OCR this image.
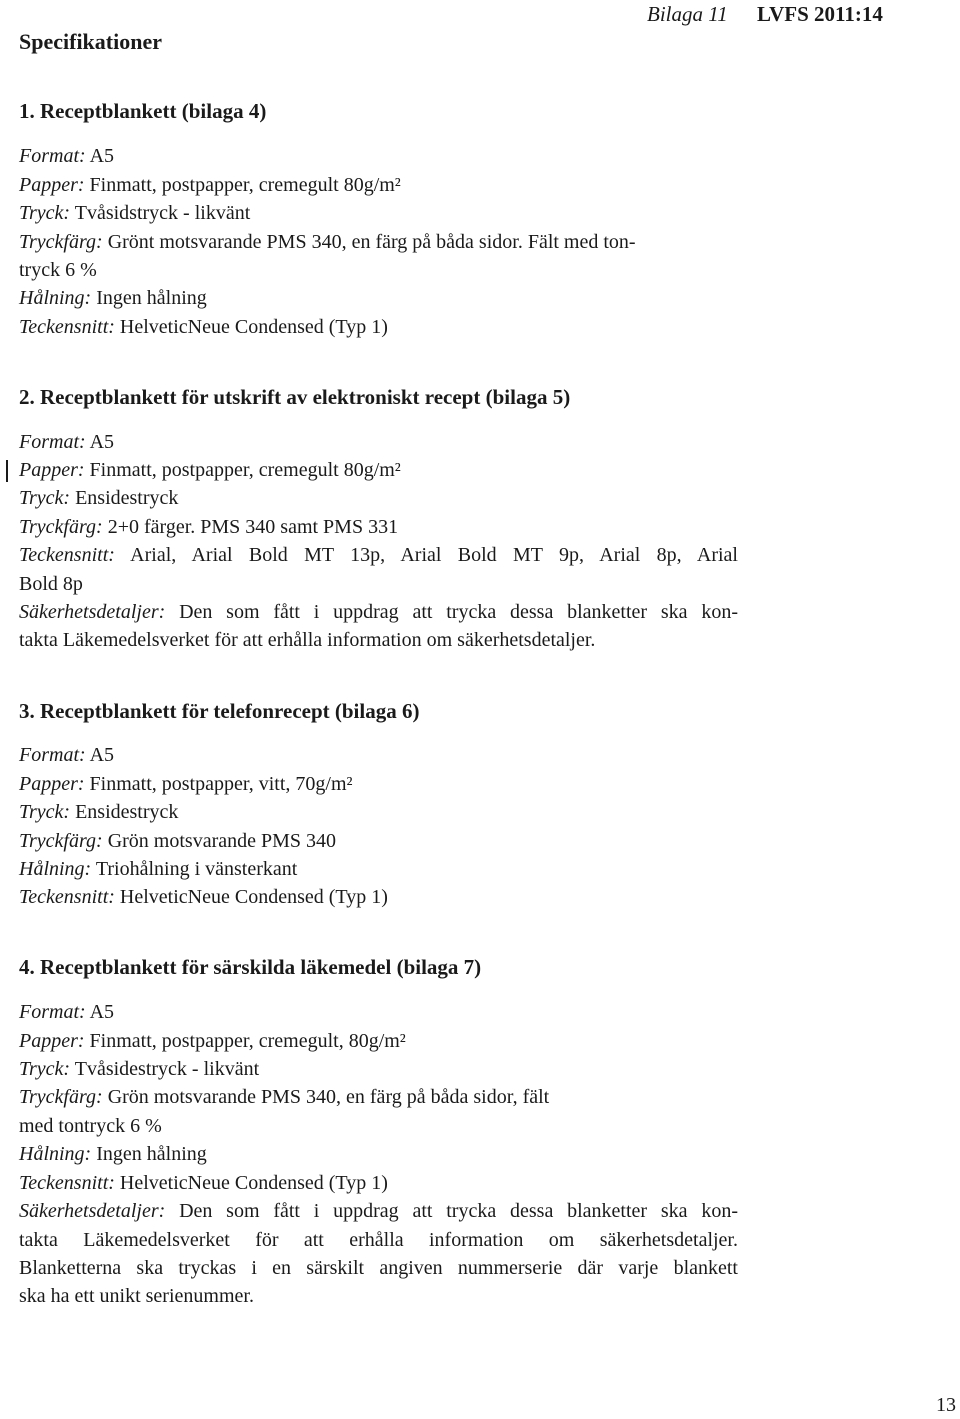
Bilaga 11 LVFS 2011:14
Specifikationer
1. Receptblankett (bilaga 4)
2. Receptblankett för utskrift av elektroniskt recept (bilaga 5)
3. Receptblankett för telefonrecept (bilaga 6)
4. Receptblankett för särskilda läkemedel (bilaga 7)
Format: A5
Papper: Finmatt, postpapper, cremegult 80g/m²
Tryck: Tvåsidstryck - likvänt
Tryckfärg: Grönt motsvarande PMS 340, en färg på båda sidor. Fält med ton-
tryck 6 %
Hålning: Ingen hålning
Teckensnitt: HelveticNeue Condensed (Typ 1)
Format: A5
Papper: Finmatt, postpapper, cremegult 80g/m²
Tryck: Ensidestryck
Tryckfärg: 2+0 färger. PMS 340 samt PMS 331
Teckensnitt: Arial, Arial Bold MT 13p, Arial Bold MT 9p, Arial 8p, Arial
Bold 8p
Säkerhetsdetaljer: Den som fått i uppdrag att trycka dessa blanketter ska kon-
takta Läkemedelsverket för att erhålla information om säkerhetsdetaljer.
Format: A5
Papper: Finmatt, postpapper, vitt, 70g/m²
Tryck: Ensidestryck
Tryckfärg: Grön motsvarande PMS 340
Hålning: Triohålning i vänsterkant
Teckensnitt: HelveticNeue Condensed (Typ 1)
Format: A5
Papper: Finmatt, postpapper, cremegult, 80g/m²
Tryck: Tvåsidestryck - likvänt
Tryckfärg: Grön motsvarande PMS 340, en färg på båda sidor, fält
med tontryck 6 %
Hålning: Ingen hålning
Teckensnitt: HelveticNeue Condensed (Typ 1)
Säkerhetsdetaljer: Den som fått i uppdrag att trycka dessa blanketter ska kon-
takta Läkemedelsverket för att erhålla information om säkerhetsdetaljer.
Blanketterna ska tryckas i en särskilt angiven nummerserie där varje blankett
ska ha ett unikt serienummer.
13
